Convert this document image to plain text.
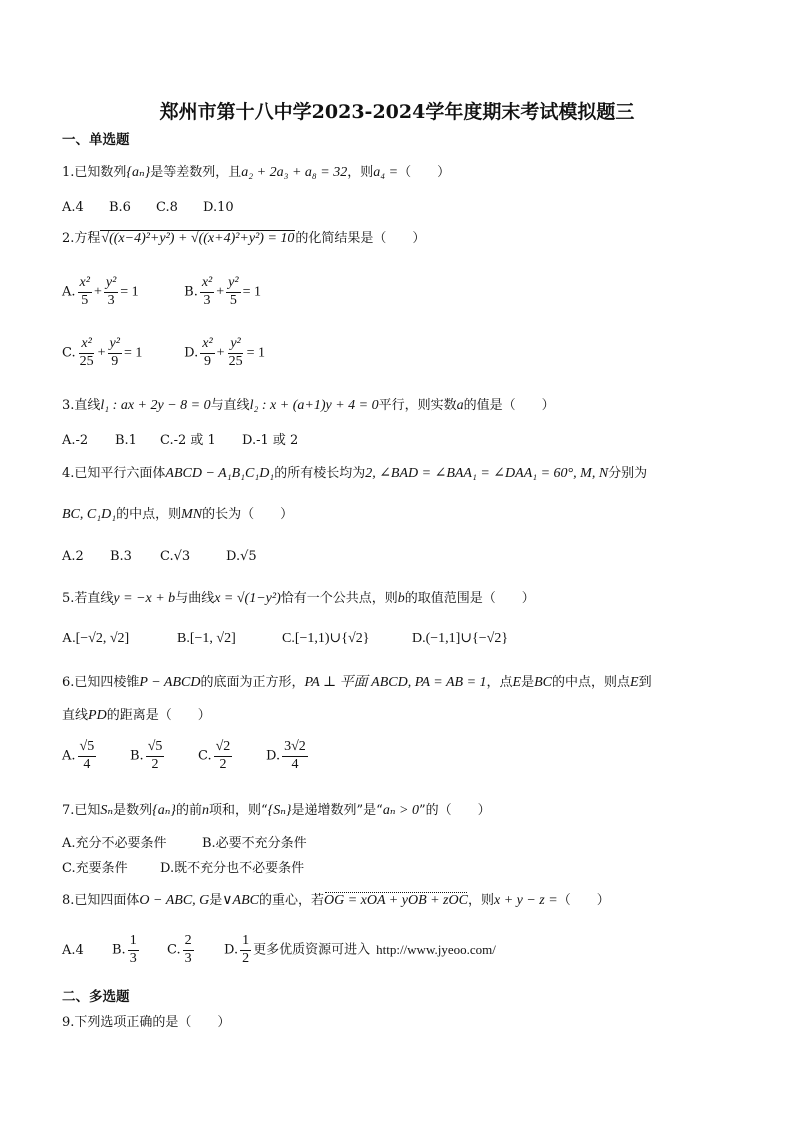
郑州市第十八中学2023-2024学年度期末考试模拟题三
一、单选题
1.已知数列{aₙ}是等差数列，且a₂ + 2a₃ + a₈ = 32，则a₄ =（　　）
A.4 B.6 C.8 D.10
2.方程√((x−4)²+y²) + √((x+4)²+y²) = 10的化简结果是（　　）
A. $\frac{\text{x²}}{5} + \frac{\text{y²}}{3} = 1$	B. $\frac{\text{x²}}{3} + \frac{\text{y²}}{5} = 1$
C. $\frac{\text{x²}}{25} + \frac{\text{y²}}{9} = 1$	D. $\frac{\text{x²}}{9} + \frac{\text{y²}}{25} = 1$
3.直线l₁ : ax + 2y − 8 = 0与直线l₂ : x + (a+1)y + 4 = 0平行，则实数a的值是（　　）
A.-2 B.1 C.-2 或 1 D.-1 或 2
4.已知平行六面体ABCD − A₁B₁C₁D₁的所有棱长均为2, ∠BAD = ∠BAA₁ = ∠DAA₁ = 60°, M, N分别为
BC, C₁D₁的中点，则MN的长为（　　）
A.2 B.3 C.√3	D.√5
5.若直线y = −x + b与曲线x = √(1−y²)恰有一个公共点，则b的取值范围是（　　）
A.[−√2, √2]	B.[−1, √2]	C.[−1,1)∪{√2}	D.(−1,1]∪{−√2}
6.已知四棱锥P − ABCD的底面为正方形，PA ⊥ 平面 ABCD, PA = AB = 1，点E是BC的中点，则点E到
直线PD的距离是（　　）
A. $\frac{√5}{4}$	B. $\frac{√5}{2}$	C. $\frac{√2}{2}$	D. $\frac{3√2}{4}$
7.已知Sₙ是数列{aₙ}的前n项和，则“{Sₙ}是递增数列”是“aₙ > 0”的（　　）
A.充分不必要条件	B.必要不充分条件
C.充要条件 D.既不充分也不必要条件
8.已知四面体O − ABC, G是∨ABC的重心，若OG = xOA + yOB + zOC，则x + y − z =（　　）
A.4 B. $\frac{1}{3} C$. $\frac{2}{3} D$. $\frac{1}{2}$ 更多优质资源可进入 http://www.jyeoo.com/
二、多选题
9.下列选项正确的是（　　）
